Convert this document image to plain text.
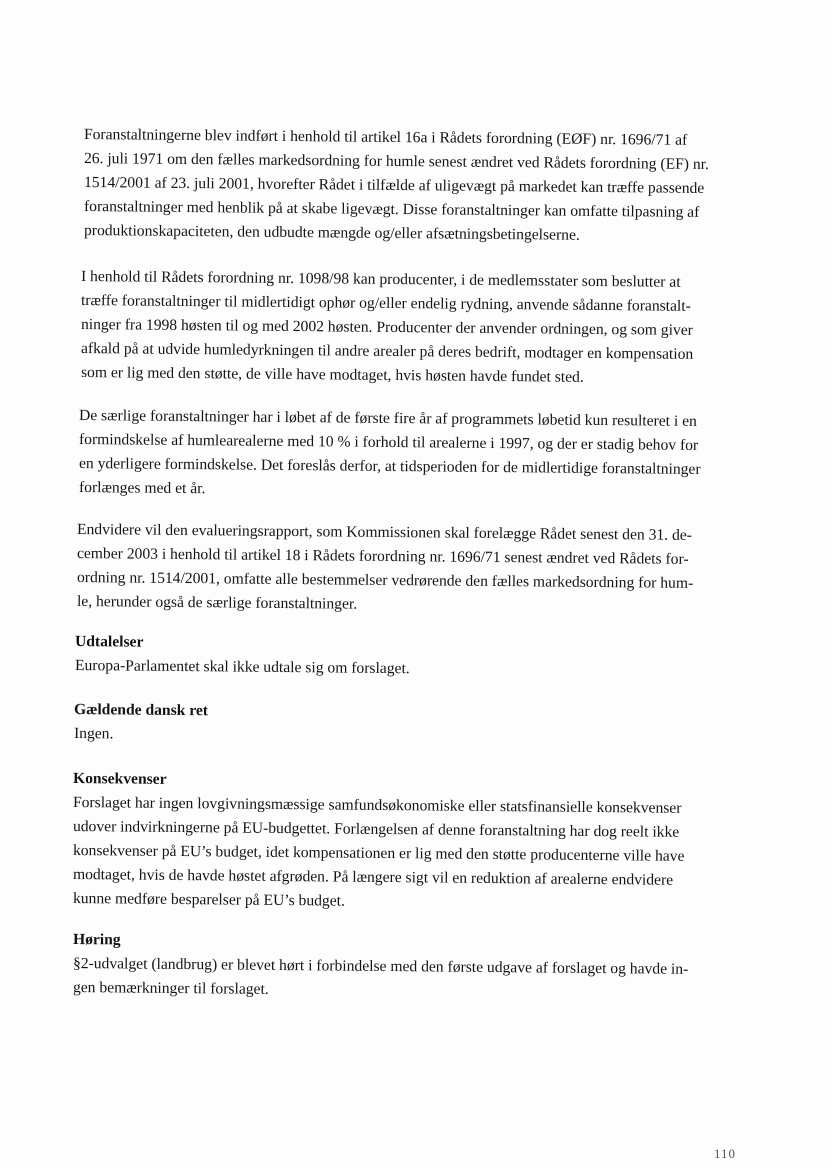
Foranstaltningerne blev indført i henhold til artikel 16a i Rådets forordning (EØF) nr. 1696/71 af

26. juli 1971 om den fælles markedsordning for humle senest ændret ved Rådets forordning (EF) nr.

1514/2001 af 23. juli 2001, hvorefter Rådet i tilfælde af uligevægt på markedet kan træffe passende

foranstaltninger med henblik på at skabe ligevægt. Disse foranstaltninger kan omfatte tilpasning af

produktionskapaciteten, den udbudte mængde og/eller afsætningsbetingelserne.

I henhold til Rådets forordning nr. 1098/98 kan producenter, i de medlemsstater som beslutter at

træffe foranstaltninger til midlertidigt ophør og/eller endelig rydning, anvende sådanne foranstalt-

ninger fra 1998 høsten til og med 2002 høsten. Producenter der anvender ordningen, og som giver

afkald på at udvide humledyrkningen til andre arealer på deres bedrift, modtager en kompensation

som er lig med den støtte, de ville have modtaget, hvis høsten havde fundet sted.

De særlige foranstaltninger har i løbet af de første fire år af programmets løbetid kun resulteret i en

formindskelse af humlearealerne med 10 % i forhold til arealerne i 1997, og der er stadig behov for

en yderligere formindskelse. Det foreslås derfor, at tidsperioden for de midlertidige foranstaltninger

forlænges med et år.

Endvidere vil den evalueringsrapport, som Kommissionen skal forelægge Rådet senest den 31. de-

cember 2003 i henhold til artikel 18 i Rådets forordning nr. 1696/71 senest ændret ved Rådets for-

ordning nr. 1514/2001, omfatte alle bestemmelser vedrørende den fælles markedsordning for hum-

le, herunder også de særlige foranstaltninger.

Udtalelser

Europa-Parlamentet skal ikke udtale sig om forslaget.

Gældende dansk ret

Ingen.

Konsekvenser

Forslaget har ingen lovgivningsmæssige samfundsøkonomiske eller statsfinansielle konsekvenser

udover indvirkningerne på EU-budgettet. Forlængelsen af denne foranstaltning har dog reelt ikke

konsekvenser på EU’s budget, idet kompensationen er lig med den støtte producenterne ville have

modtaget, hvis de havde høstet afgrøden. På længere sigt vil en reduktion af arealerne endvidere

kunne medføre besparelser på EU’s budget.

Høring

§2-udvalget (landbrug) er blevet hørt i forbindelse med den første udgave af forslaget og havde in-

gen bemærkninger til forslaget.

110
